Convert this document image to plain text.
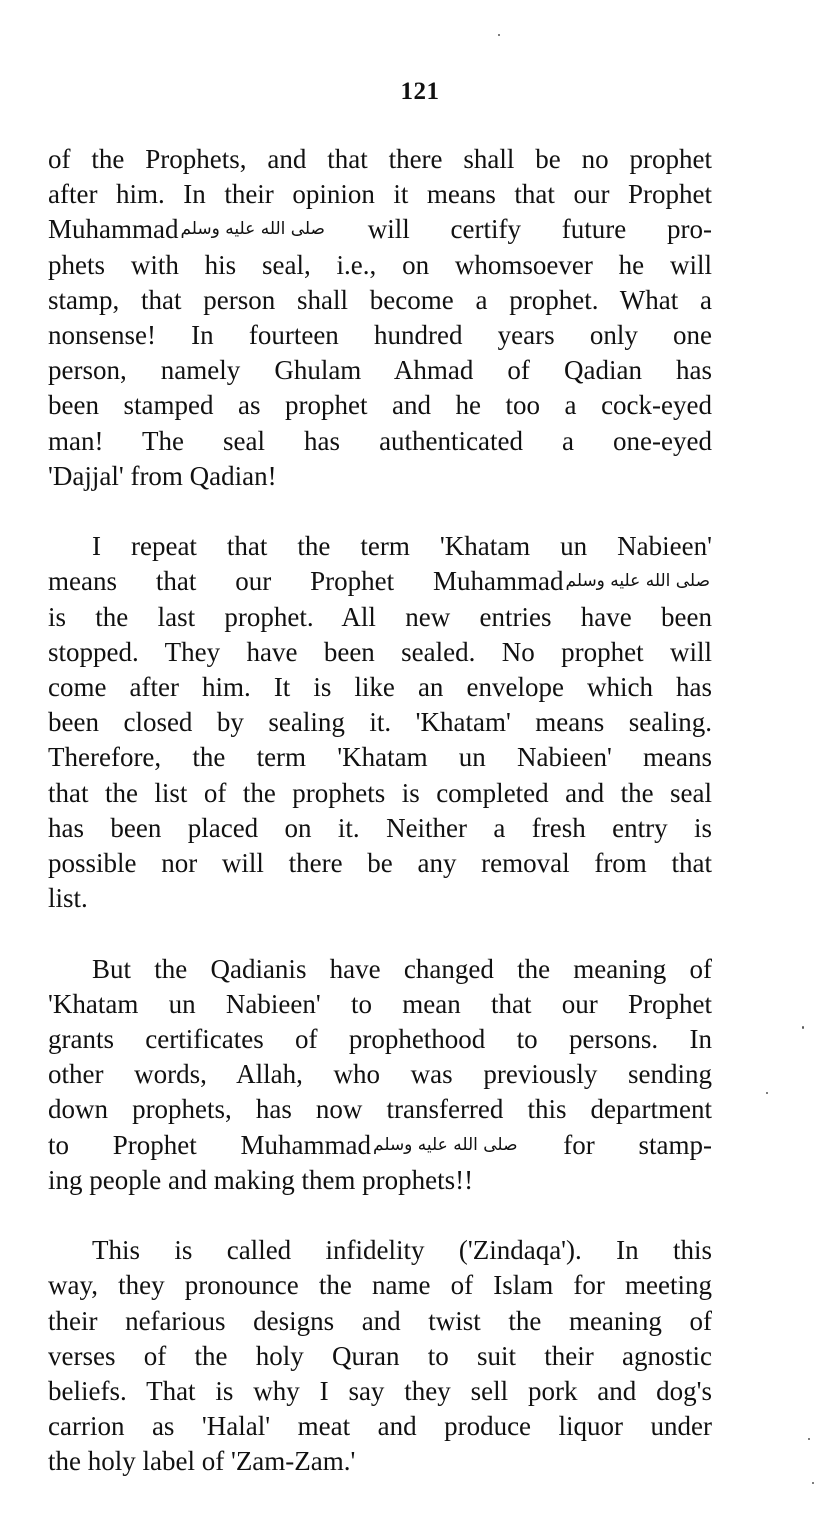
121

of the Prophets, and that there shall be no prophet
after him. In their opinion it means that our Prophet
Muhammad صلى الله عليه وسلم will certify future pro-
phets with his seal, i.e., on whomsoever he will
stamp, that person shall become a prophet. What a
nonsense! In fourteen hundred years only one
person, namely Ghulam Ahmad of Qadian has
been stamped as prophet and he too a cock-eyed
man! The seal has authenticated a one-eyed
'Dajjal' from Qadian!

I repeat that the term 'Khatam un Nabieen'
means that our Prophet Muhammad صلى الله عليه وسلم
is the last prophet. All new entries have been
stopped. They have been sealed. No prophet will
come after him. It is like an envelope which has
been closed by sealing it. 'Khatam' means sealing.
Therefore, the term 'Khatam un Nabieen' means
that the list of the prophets is completed and the seal
has been placed on it. Neither a fresh entry is
possible nor will there be any removal from that
list.

But the Qadianis have changed the meaning of
'Khatam un Nabieen' to mean that our Prophet
grants certificates of prophethood to persons. In
other words, Allah, who was previously sending
down prophets, has now transferred this department
to Prophet Muhammad صلى الله عليه وسلم for stamp-
ing people and making them prophets!!

This is called infidelity ('Zindaqa'). In this
way, they pronounce the name of Islam for meeting
their nefarious designs and twist the meaning of
verses of the holy Quran to suit their agnostic
beliefs. That is why I say they sell pork and dog's
carrion as 'Halal' meat and produce liquor under
the holy label of 'Zam-Zam.'
